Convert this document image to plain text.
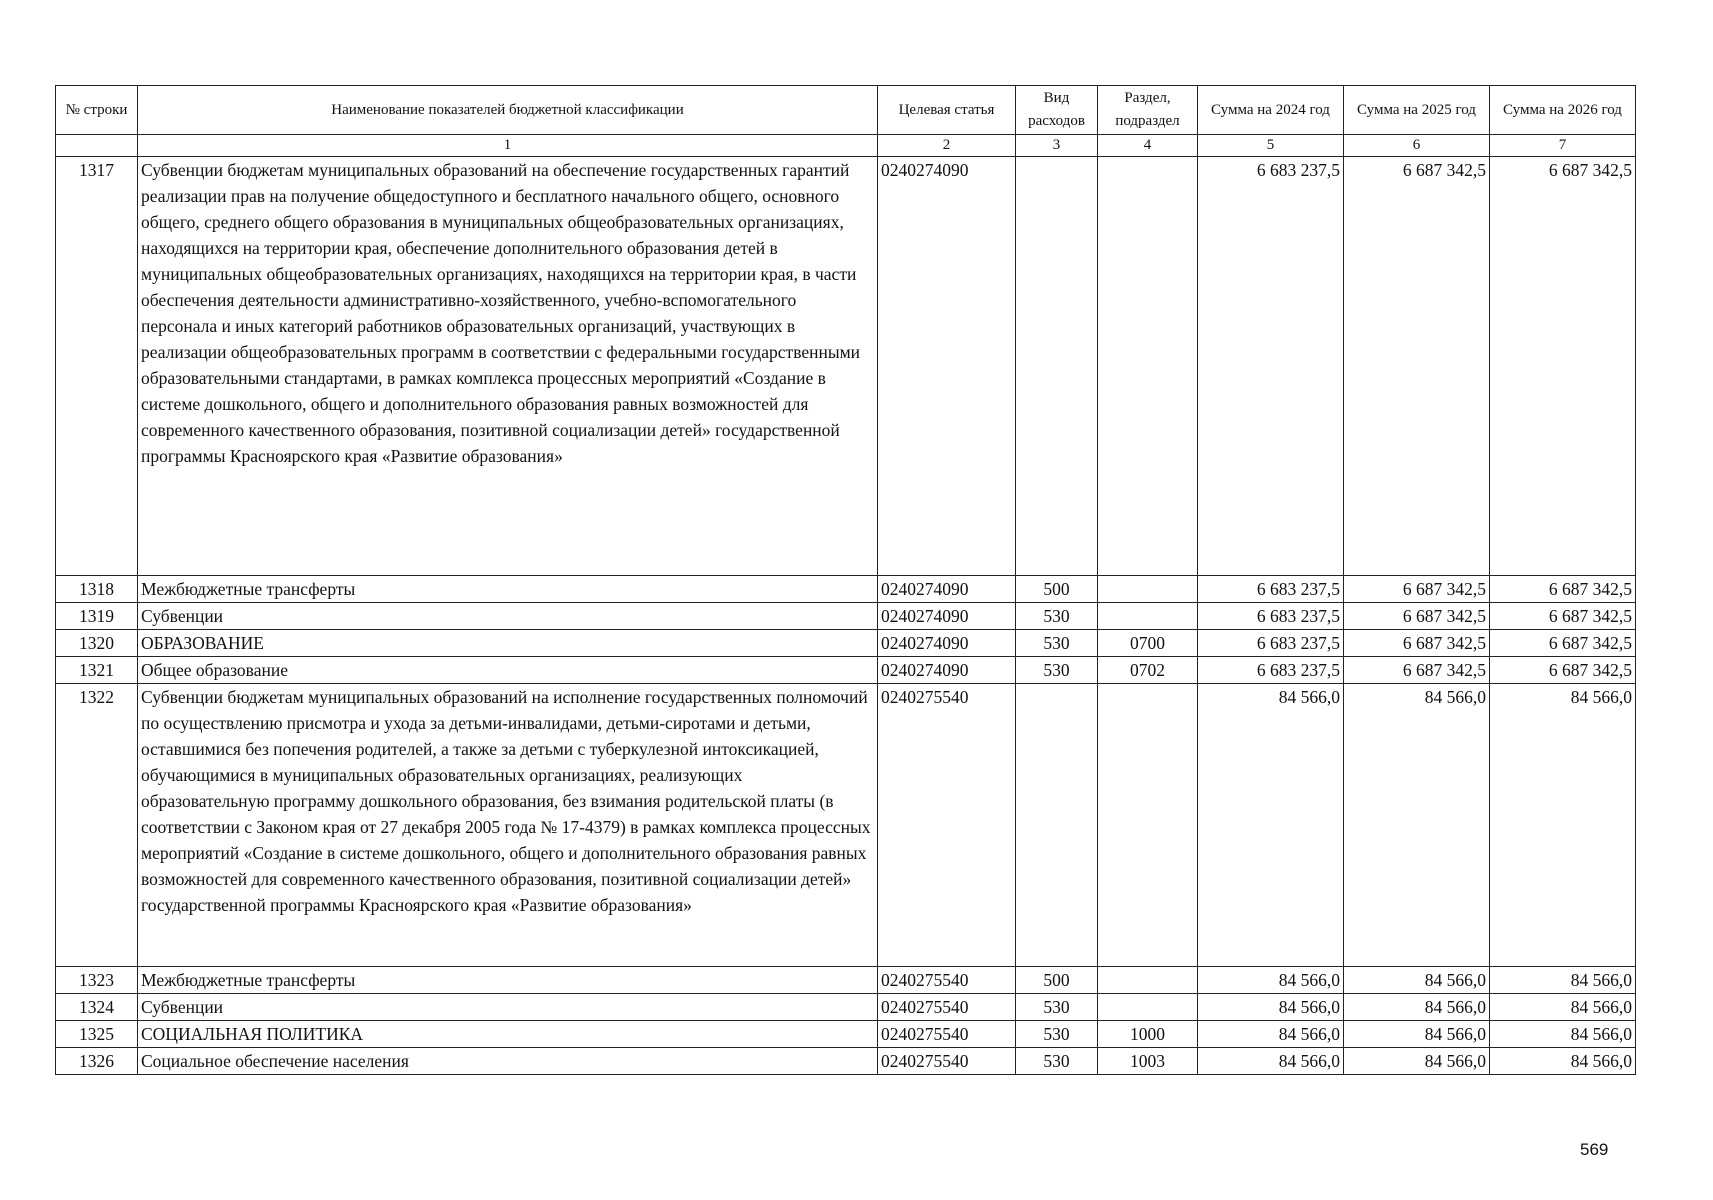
№ строки	Наименование показателей бюджетной классификации	Целевая статья	Вид расходов	Раздел, подраздел	Сумма на 2024 год	Сумма на 2025 год	Сумма на 2026 год
	1	2	3	4	5	6	7
1317	Субвенции бюджетам муниципальных образований на обеспечение государственных гарантий реализации прав на получение общедоступного и бесплатного начального общего, основного общего, среднего общего образования в муниципальных общеобразовательных организациях, находящихся на территории края, обеспечение дополнительного образования детей в муниципальных общеобразовательных организациях, находящихся на территории края, в части обеспечения деятельности административно-хозяйственного, учебно-вспомогательного персонала и иных категорий работников образовательных организаций, участвующих в реализации общеобразовательных программ в соответствии с федеральными государственными образовательными стандартами, в рамках комплекса процессных мероприятий «Создание в системе дошкольного, общего и дополнительного образования равных возможностей для современного качественного образования, позитивной социализации детей» государственной программы Красноярского края «Развитие образования»	0240274090			6 683 237,5	6 687 342,5	6 687 342,5
1318	Межбюджетные трансферты	0240274090	500		6 683 237,5	6 687 342,5	6 687 342,5
1319	Субвенции	0240274090	530		6 683 237,5	6 687 342,5	6 687 342,5
1320	ОБРАЗОВАНИЕ	0240274090	530	0700	6 683 237,5	6 687 342,5	6 687 342,5
1321	Общее образование	0240274090	530	0702	6 683 237,5	6 687 342,5	6 687 342,5
1322	Субвенции бюджетам муниципальных образований на исполнение государственных полномочий по осуществлению присмотра и ухода за детьми-инвалидами, детьми-сиротами и детьми, оставшимися без попечения родителей, а также за детьми с туберкулезной интоксикацией, обучающимися в муниципальных образовательных организациях, реализующих образовательную программу дошкольного образования, без взимания родительской платы (в соответствии с Законом края от 27 декабря 2005 года № 17-4379) в рамках комплекса процессных мероприятий «Создание в системе дошкольного, общего и дополнительного образования равных возможностей для современного качественного образования, позитивной социализации детей» государственной программы Красноярского края «Развитие образования»	0240275540			84 566,0	84 566,0	84 566,0
1323	Межбюджетные трансферты	0240275540	500		84 566,0	84 566,0	84 566,0
1324	Субвенции	0240275540	530		84 566,0	84 566,0	84 566,0
1325	СОЦИАЛЬНАЯ ПОЛИТИКА	0240275540	530	1000	84 566,0	84 566,0	84 566,0
1326	Социальное обеспечение населения	0240275540	530	1003	84 566,0	84 566,0	84 566,0
569
